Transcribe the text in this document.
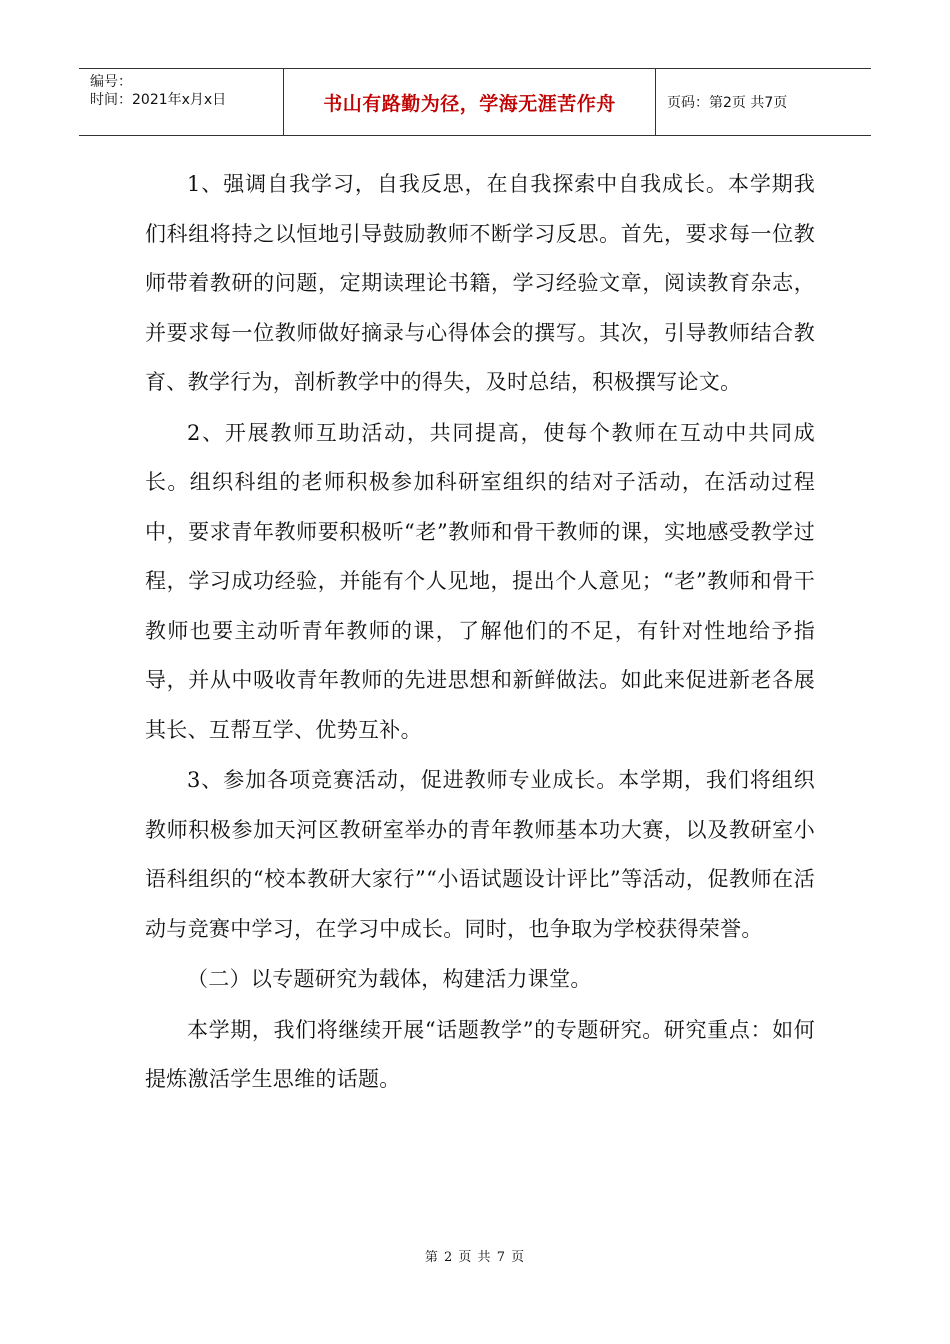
编号：
时间：2021年x月x日	书山有路勤为径，学海无涯苦作舟	页码：第2页 共7页

1、强调自我学习，自我反思，在自我探索中自我成长。本学期我们科组将持之以恒地引导鼓励教师不断学习反思。首先，要求每一位教师带着教研的问题，定期读理论书籍，学习经验文章，阅读教育杂志，并要求每一位教师做好摘录与心得体会的撰写。其次，引导教师结合教育、教学行为，剖析教学中的得失，及时总结，积极撰写论文。

2、开展教师互助活动，共同提高，使每个教师在互动中共同成长。组织科组的老师积极参加科研室组织的结对子活动，在活动过程中，要求青年教师要积极听“老”教师和骨干教师的课，实地感受教学过程，学习成功经验，并能有个人见地，提出个人意见；“老”教师和骨干教师也要主动听青年教师的课，了解他们的不足，有针对性地给予指导，并从中吸收青年教师的先进思想和新鲜做法。如此来促进新老各展其长、互帮互学、优势互补。

3、参加各项竞赛活动，促进教师专业成长。本学期，我们将组织教师积极参加天河区教研室举办的青年教师基本功大赛，以及教研室小语科组织的“校本教研大家行”“小语试题设计评比”等活动，促教师在活动与竞赛中学习，在学习中成长。同时，也争取为学校获得荣誉。

（二）以专题研究为载体，构建活力课堂。

本学期，我们将继续开展“话题教学”的专题研究。研究重点：如何提炼激活学生思维的话题。

第 2 页 共 7 页
